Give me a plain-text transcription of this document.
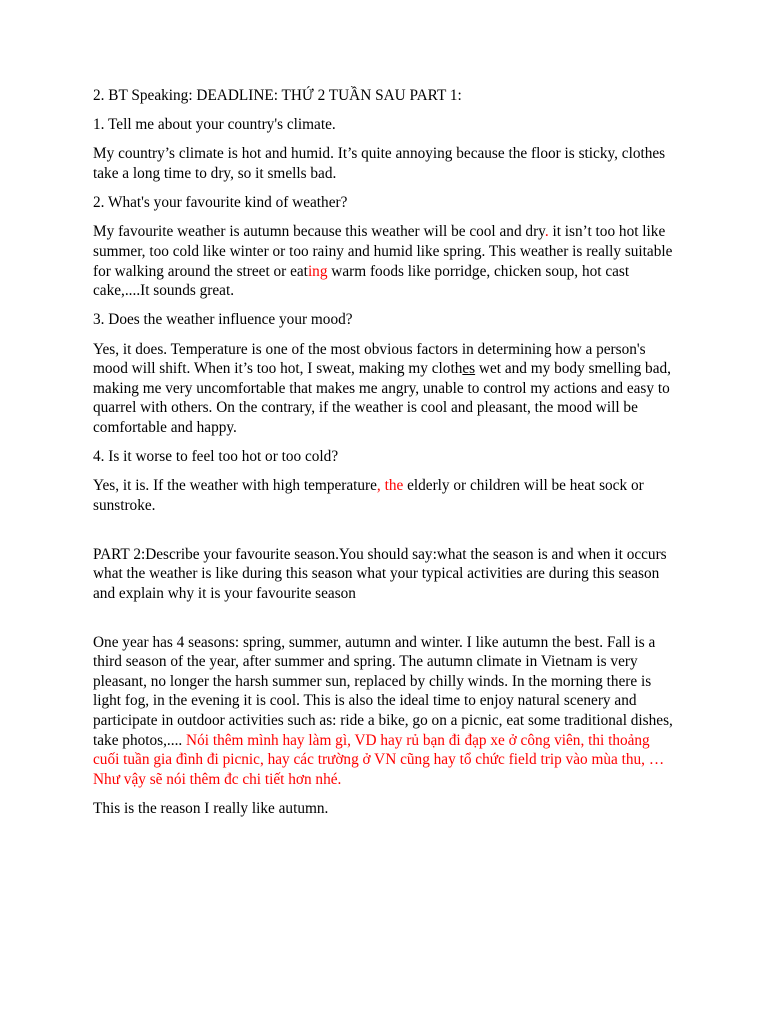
2. BT Speaking: DEADLINE: THỨ 2 TUẦN SAU PART 1:

1. Tell me about your country's climate.

My country’s climate is hot and humid. It’s quite annoying because the floor is sticky, clothes take a long time to dry, so it smells bad.

2. What's your favourite kind of weather?

My favourite weather is autumn because this weather will be cool and dry. it isn’t too hot like summer, too cold like winter or too rainy and humid like spring. This weather is really suitable for walking around the street or eating warm foods like porridge, chicken soup, hot cast cake,....It sounds great.

3. Does the weather influence your mood?

Yes, it does. Temperature is one of the most obvious factors in determining how a person's mood will shift. When it’s too hot, I sweat, making my clothes wet and my body smelling bad, making me very uncomfortable that makes me angry, unable to control my actions and easy to quarrel with others. On the contrary, if the weather is cool and pleasant, the mood will be comfortable and happy.

4. Is it worse to feel too hot or too cold?

Yes, it is. If the weather with high temperature, the elderly or children will be heat sock or sunstroke.

PART 2:Describe your favourite season.You should say:what the season is and when it occurs what the weather is like during this season what your typical activities are during this season and explain why it is your favourite season

One year has 4 seasons: spring, summer, autumn and winter. I like autumn the best. Fall is a third season of the year, after summer and spring. The autumn climate in Vietnam is very pleasant, no longer the harsh summer sun, replaced by chilly winds. In the morning there is light fog, in the evening it is cool. This is also the ideal time to enjoy natural scenery and participate in outdoor activities such as: ride a bike, go on a picnic, eat some traditional dishes, take photos,.... Nói thêm mình hay làm gì, VD hay rủ bạn đi đạp xe ở công viên, thi thoảng cuối tuần gia đình đi picnic, hay các trường ở VN cũng hay tổ chức field trip vào mùa thu, … Như vậy sẽ nói thêm đc chi tiết hơn nhé.

This is the reason I really like autumn.
